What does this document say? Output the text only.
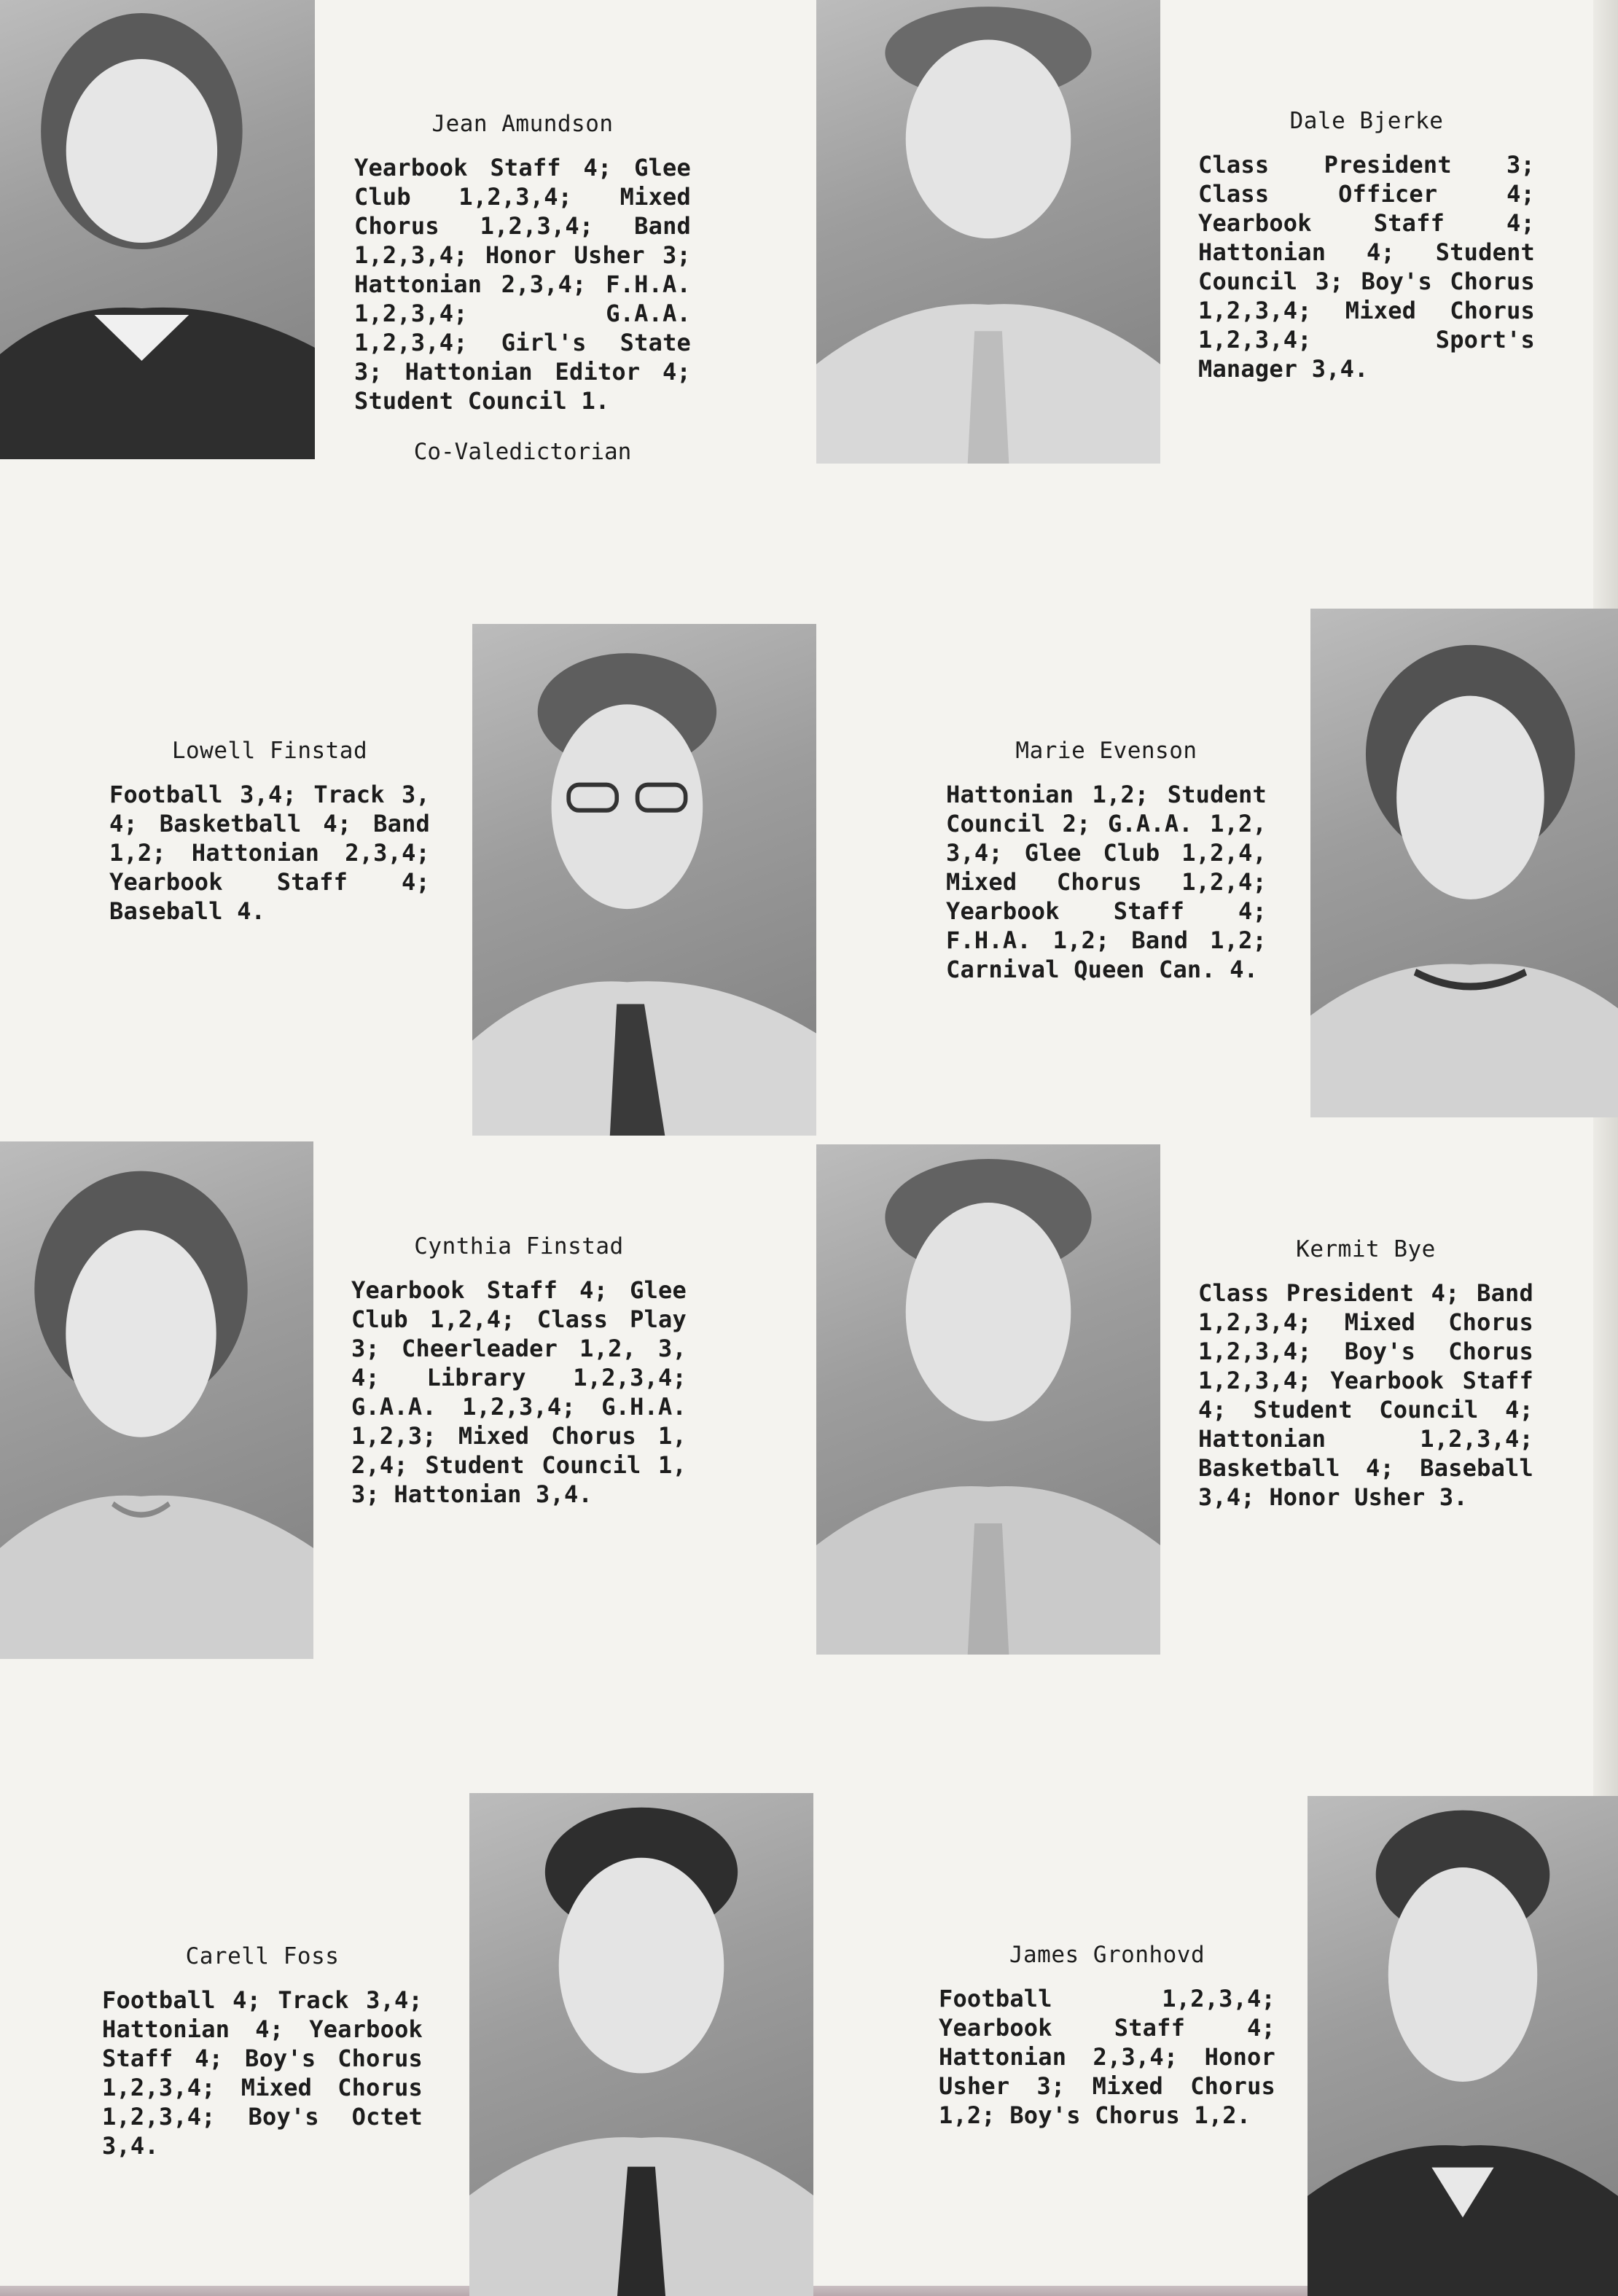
Jean Amundson

Yearbook Staff 4; Glee Club 1,2,3,4; Mixed Chorus 1,2,3,4; Band 1,2,3,4; Honor Usher 3; Hattonian 2,3,4; F.H.A. 1,2,3,4; G.A.A. 1,2,3,4; Girl's State 3; Hattonian Editor 4; Student Council 1.

Co-Valedictorian
Dale Bjerke

Class President 3; Class Officer 4; Yearbook Staff 4; Hattonian 4; Student Council 3; Boy's Chorus 1,2,3,4; Mixed Chorus 1,2,3,4; Sport's Manager 3,4.

Lowell Finstad

Football 3,4; Track 3, 4; Basketball 4; Band 1,2; Hattonian 2,3,4; Yearbook Staff 4; Baseball 4.

Marie Evenson

Hattonian 1,2; Student Council 2; G.A.A. 1,2, 3,4; Glee Club 1,2,4, Mixed Chorus 1,2,4; Yearbook Staff 4; F.H.A. 1,2; Band 1,2; Carnival Queen Can. 4.

Cynthia Finstad

Yearbook Staff 4; Glee Club 1,2,4; Class Play 3; Cheerleader 1,2, 3, 4; Library 1,2,3,4; G.A.A. 1,2,3,4; G.H.A. 1,2,3; Mixed Chorus 1, 2,4; Student Council 1, 3; Hattonian 3,4.

Kermit Bye

Class President 4; Band 1,2,3,4; Mixed Chorus 1,2,3,4; Boy's Chorus 1,2,3,4; Yearbook Staff 4; Student Council 4; Hattonian 1,2,3,4; Basketball 4; Baseball 3,4; Honor Usher 3.

Carell Foss

Football 4; Track 3,4; Hattonian 4; Yearbook Staff 4; Boy's Chorus 1,2,3,4; Mixed Chorus 1,2,3,4; Boy's Octet 3,4.

James Gronhovd

Football 1,2,3,4; Yearbook Staff 4; Hattonian 2,3,4; Honor Usher 3; Mixed Chorus 1,2; Boy's Chorus 1,2.
